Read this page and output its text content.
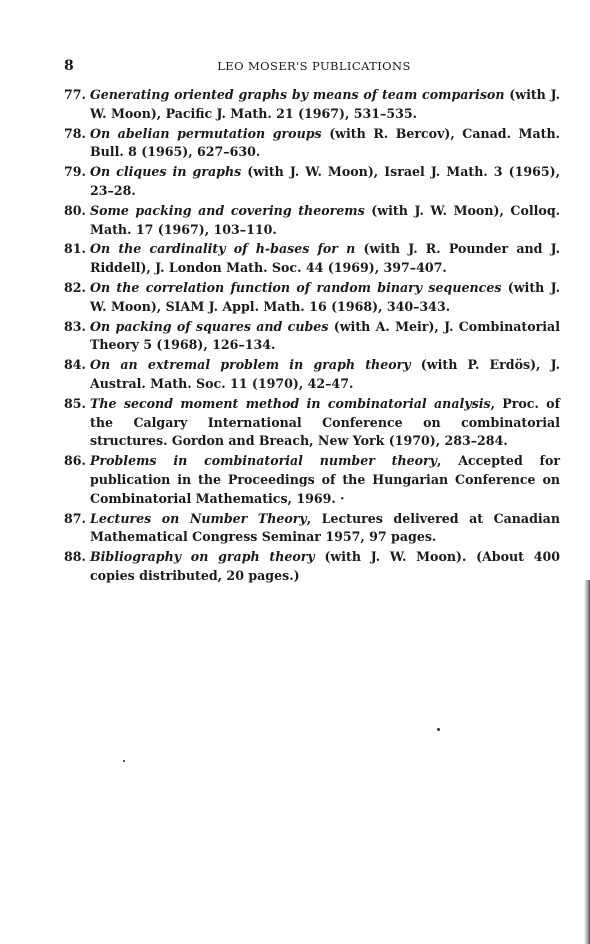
8	LEO MOSER'S PUBLICATIONS
77. Generating oriented graphs by means of team comparison (with J. W. Moon), Pacific J. Math. 21 (1967), 531–535.
78. On abelian permutation groups (with R. Bercov), Canad. Math. Bull. 8 (1965), 627–630.
79. On cliques in graphs (with J. W. Moon), Israel J. Math. 3 (1965), 23–28.
80. Some packing and covering theorems (with J. W. Moon), Colloq. Math. 17 (1967), 103–110.
81. On the cardinality of h-bases for n (with J. R. Pounder and J. Riddell), J. London Math. Soc. 44 (1969), 397–407.
82. On the correlation function of random binary sequences (with J. W. Moon), SIAM J. Appl. Math. 16 (1968), 340–343.
83. On packing of squares and cubes (with A. Meir), J. Combinatorial Theory 5 (1968), 126–134.
84. On an extremal problem in graph theory (with P. Erdös), J. Austral. Math. Soc. 11 (1970), 42–47.
85. The second moment method in combinatorial analysis, Proc. of the Calgary International Conference on combinatorial structures. Gordon and Breach, New York (1970), 283–284.
86. Problems in combinatorial number theory, Accepted for publication in the Proceedings of the Hungarian Conference on Combinatorial Mathematics, 1969. ·
87. Lectures on Number Theory, Lectures delivered at Canadian Mathematical Congress Seminar 1957, 97 pages.
88. Bibliography on graph theory (with J. W. Moon). (About 400 copies distributed, 20 pages.)
